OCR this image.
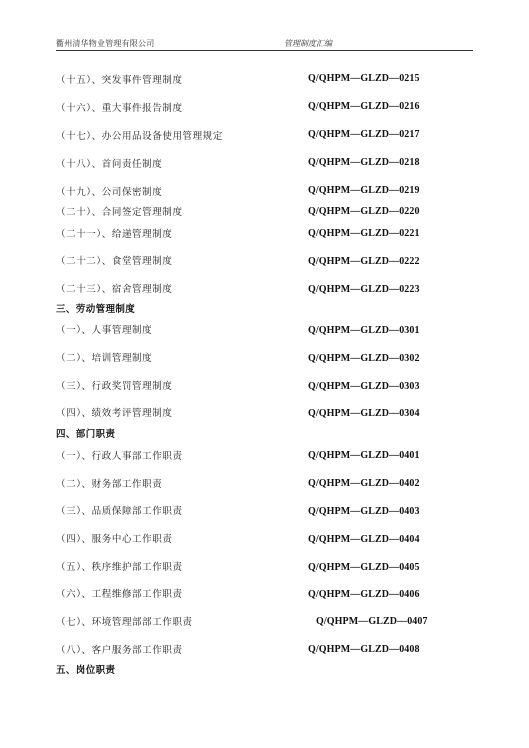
衢州清华物业管理有限公司	管理制度汇编
（十五）、突发事件管理制度	Q/QHPM—GLZD—0215
（十六）、重大事件报告制度	Q/QHPM—GLZD—0216
（十七）、办公用品设备使用管理规定	Q/QHPM—GLZD—0217
（十八）、首问责任制度	Q/QHPM—GLZD—0218
（十九）、公司保密制度	Q/QHPM—GLZD—0219
（二十）、合同签定管理制度	Q/QHPM—GLZD—0220
（二十一）、给递管理制度	Q/QHPM—GLZD—0221
（二十二）、食堂管理制度	Q/QHPM—GLZD—0222
（二十三）、宿舍管理制度	Q/QHPM—GLZD—0223
三、劳动管理制度
（一）、人事管理制度	Q/QHPM—GLZD—0301
（二）、培训管理制度	Q/QHPM—GLZD—0302
（三）、行政奖罚管理制度	Q/QHPM—GLZD—0303
（四）、绩效考评管理制度	Q/QHPM—GLZD—0304
四、部门职责
（一）、行政人事部工作职责	Q/QHPM—GLZD—0401
（二）、财务部工作职责	Q/QHPM—GLZD—0402
（三）、品质保障部工作职责	Q/QHPM—GLZD—0403
（四）、服务中心工作职责	Q/QHPM—GLZD—0404
（五）、秩序维护部工作职责	Q/QHPM—GLZD—0405
（六）、工程维修部工作职责	Q/QHPM—GLZD—0406
（七）、环境管理部部工作职责	Q/QHPM—GLZD—0407
（八）、客户服务部工作职责	Q/QHPM—GLZD—0408
五、岗位职责
